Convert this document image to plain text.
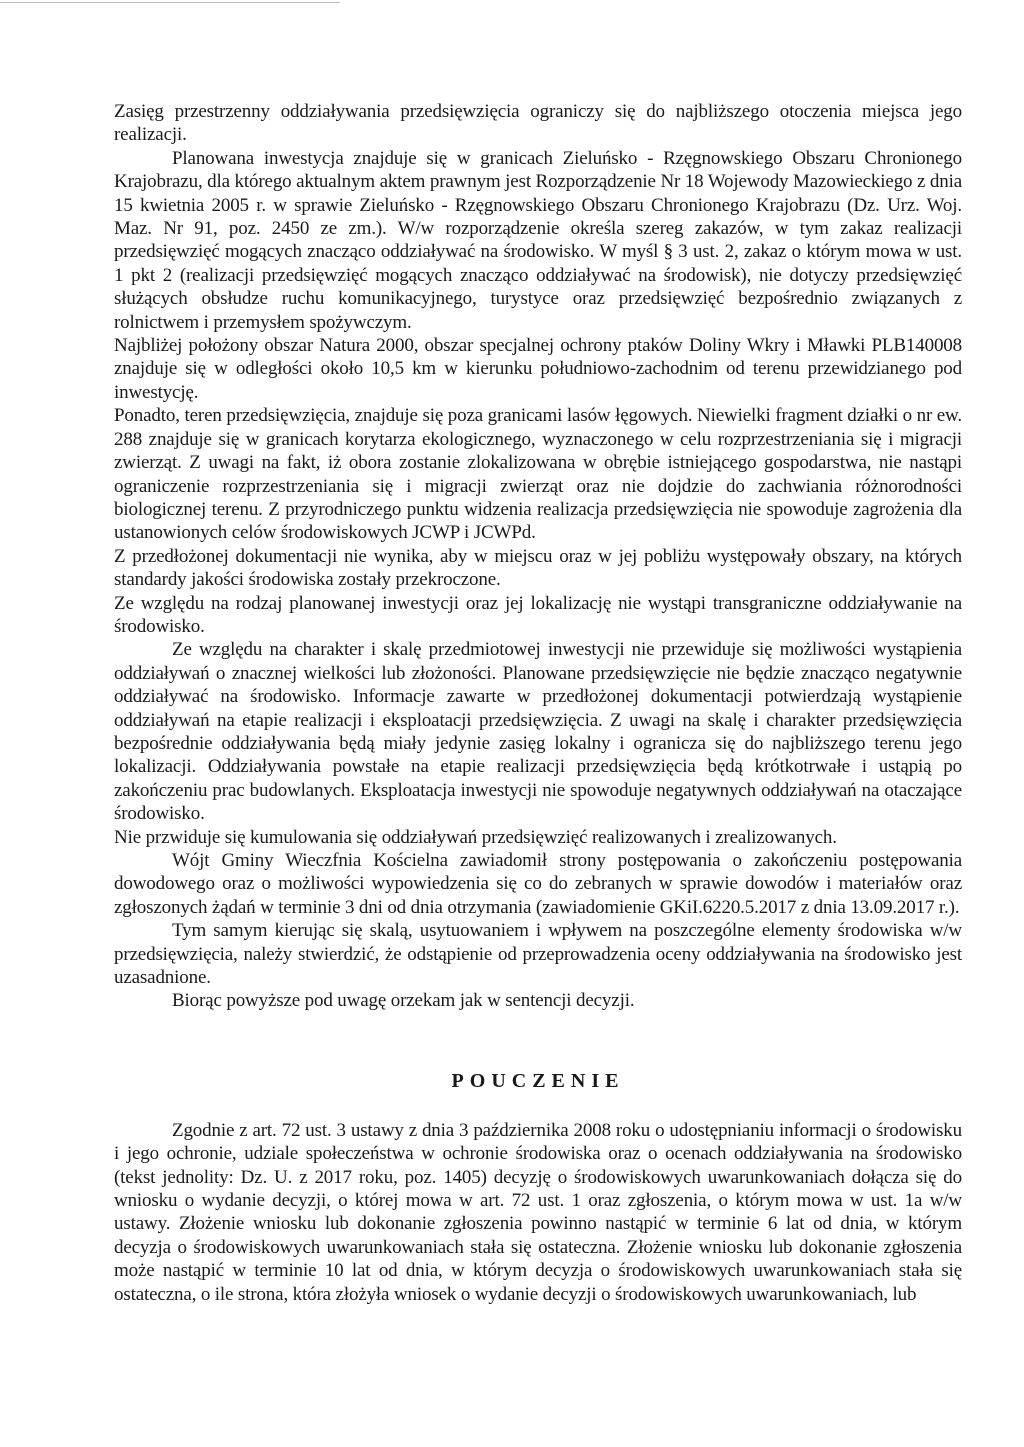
Zasięg przestrzenny oddziaływania przedsięwzięcia ograniczy się do najbliższego otoczenia miejsca jego realizacji.

Planowana inwestycja znajduje się w granicach Zieluńsko - Rzęgnowskiego Obszaru Chronionego Krajobrazu, dla którego aktualnym aktem prawnym jest Rozporządzenie Nr 18 Wojewody Mazowieckiego z dnia 15 kwietnia 2005 r. w sprawie Zieluńsko - Rzęgnowskiego Obszaru Chronionego Krajobrazu (Dz. Urz. Woj. Maz. Nr 91, poz. 2450 ze zm.). W/w rozporządzenie określa szereg zakazów, w tym zakaz realizacji przedsięwzięć mogących znacząco oddziaływać na środowisko. W myśl § 3 ust. 2, zakaz o którym mowa w ust. 1 pkt 2 (realizacji przedsięwzięć mogących znacząco oddziaływać na środowisk), nie dotyczy przedsięwzięć służących obsłudze ruchu komunikacyjnego, turystyce oraz przedsięwzięć bezpośrednio związanych z rolnictwem i przemysłem spożywczym.

Najbliżej położony obszar Natura 2000, obszar specjalnej ochrony ptaków Doliny Wkry i Mławki PLB140008 znajduje się w odległości około 10,5 km w kierunku południowo-zachodnim od terenu przewidzianego pod inwestycję.

Ponadto, teren przedsięwzięcia, znajduje się poza granicami lasów łęgowych. Niewielki fragment działki o nr ew. 288 znajduje się w granicach korytarza ekologicznego, wyznaczonego w celu rozprzestrzeniania się i migracji zwierząt. Z uwagi na fakt, iż obora zostanie zlokalizowana w obrębie istniejącego gospodarstwa, nie nastąpi ograniczenie rozprzestrzeniania się i migracji zwierząt oraz nie dojdzie do zachwiania różnorodności biologicznej terenu. Z przyrodniczego punktu widzenia realizacja przedsięwzięcia nie spowoduje zagrożenia dla ustanowionych celów środowiskowych JCWP i JCWPd.

Z przedłożonej dokumentacji nie wynika, aby w miejscu oraz w jej pobliżu występowały obszary, na których standardy jakości środowiska zostały przekroczone.

Ze względu na rodzaj planowanej inwestycji oraz jej lokalizację nie wystąpi transgraniczne oddziaływanie na środowisko.

Ze względu na charakter i skalę przedmiotowej inwestycji nie przewiduje się możliwości wystąpienia oddziaływań o znacznej wielkości lub złożoności. Planowane przedsięwzięcie nie będzie znacząco negatywnie oddziaływać na środowisko. Informacje zawarte w przedłożonej dokumentacji potwierdzają wystąpienie oddziaływań na etapie realizacji i eksploatacji przedsięwzięcia. Z uwagi na skalę i charakter przedsięwzięcia bezpośrednie oddziaływania będą miały jedynie zasięg lokalny i ogranicza się do najbliższego terenu jego lokalizacji. Oddziaływania powstałe na etapie realizacji przedsięwzięcia będą krótkotrwałe i ustąpią po zakończeniu prac budowlanych. Eksploatacja inwestycji nie spowoduje negatywnych oddziaływań na otaczające środowisko.

Nie przwiduje się kumulowania się oddziaływań przedsięwzięć realizowanych i zrealizowanych.

Wójt Gminy Wieczfnia Kościelna zawiadomił strony postępowania o zakończeniu postępowania dowodowego oraz o możliwości wypowiedzenia się co do zebranych w sprawie dowodów i materiałów oraz zgłoszonych żądań w terminie 3 dni od dnia otrzymania (zawiadomienie GKiI.6220.5.2017 z dnia 13.09.2017 r.).

Tym samym kierując się skalą, usytuowaniem i wpływem na poszczególne elementy środowiska w/w przedsięwzięcia, należy stwierdzić, że odstąpienie od przeprowadzenia oceny oddziaływania na środowisko jest uzasadnione.

Biorąc powyższe pod uwagę orzekam jak w sentencji decyzji.

POUCZENIE

Zgodnie z art. 72 ust. 3 ustawy z dnia 3 października 2008 roku o udostępnianiu informacji o środowisku i jego ochronie, udziale społeczeństwa w ochronie środowiska oraz o ocenach oddziaływania na środowisko (tekst jednolity: Dz. U. z 2017 roku, poz. 1405) decyzję o środowiskowych uwarunkowaniach dołącza się do wniosku o wydanie decyzji, o której mowa w art. 72 ust. 1 oraz zgłoszenia, o którym mowa w ust. 1a w/w ustawy. Złożenie wniosku lub dokonanie zgłoszenia powinno nastąpić w terminie 6 lat od dnia, w którym decyzja o środowiskowych uwarunkowaniach stała się ostateczna. Złożenie wniosku lub dokonanie zgłoszenia może nastąpić w terminie 10 lat od dnia, w którym decyzja o środowiskowych uwarunkowaniach stała się ostateczna, o ile strona, która złożyła wniosek o wydanie decyzji o środowiskowych uwarunkowaniach, lub
